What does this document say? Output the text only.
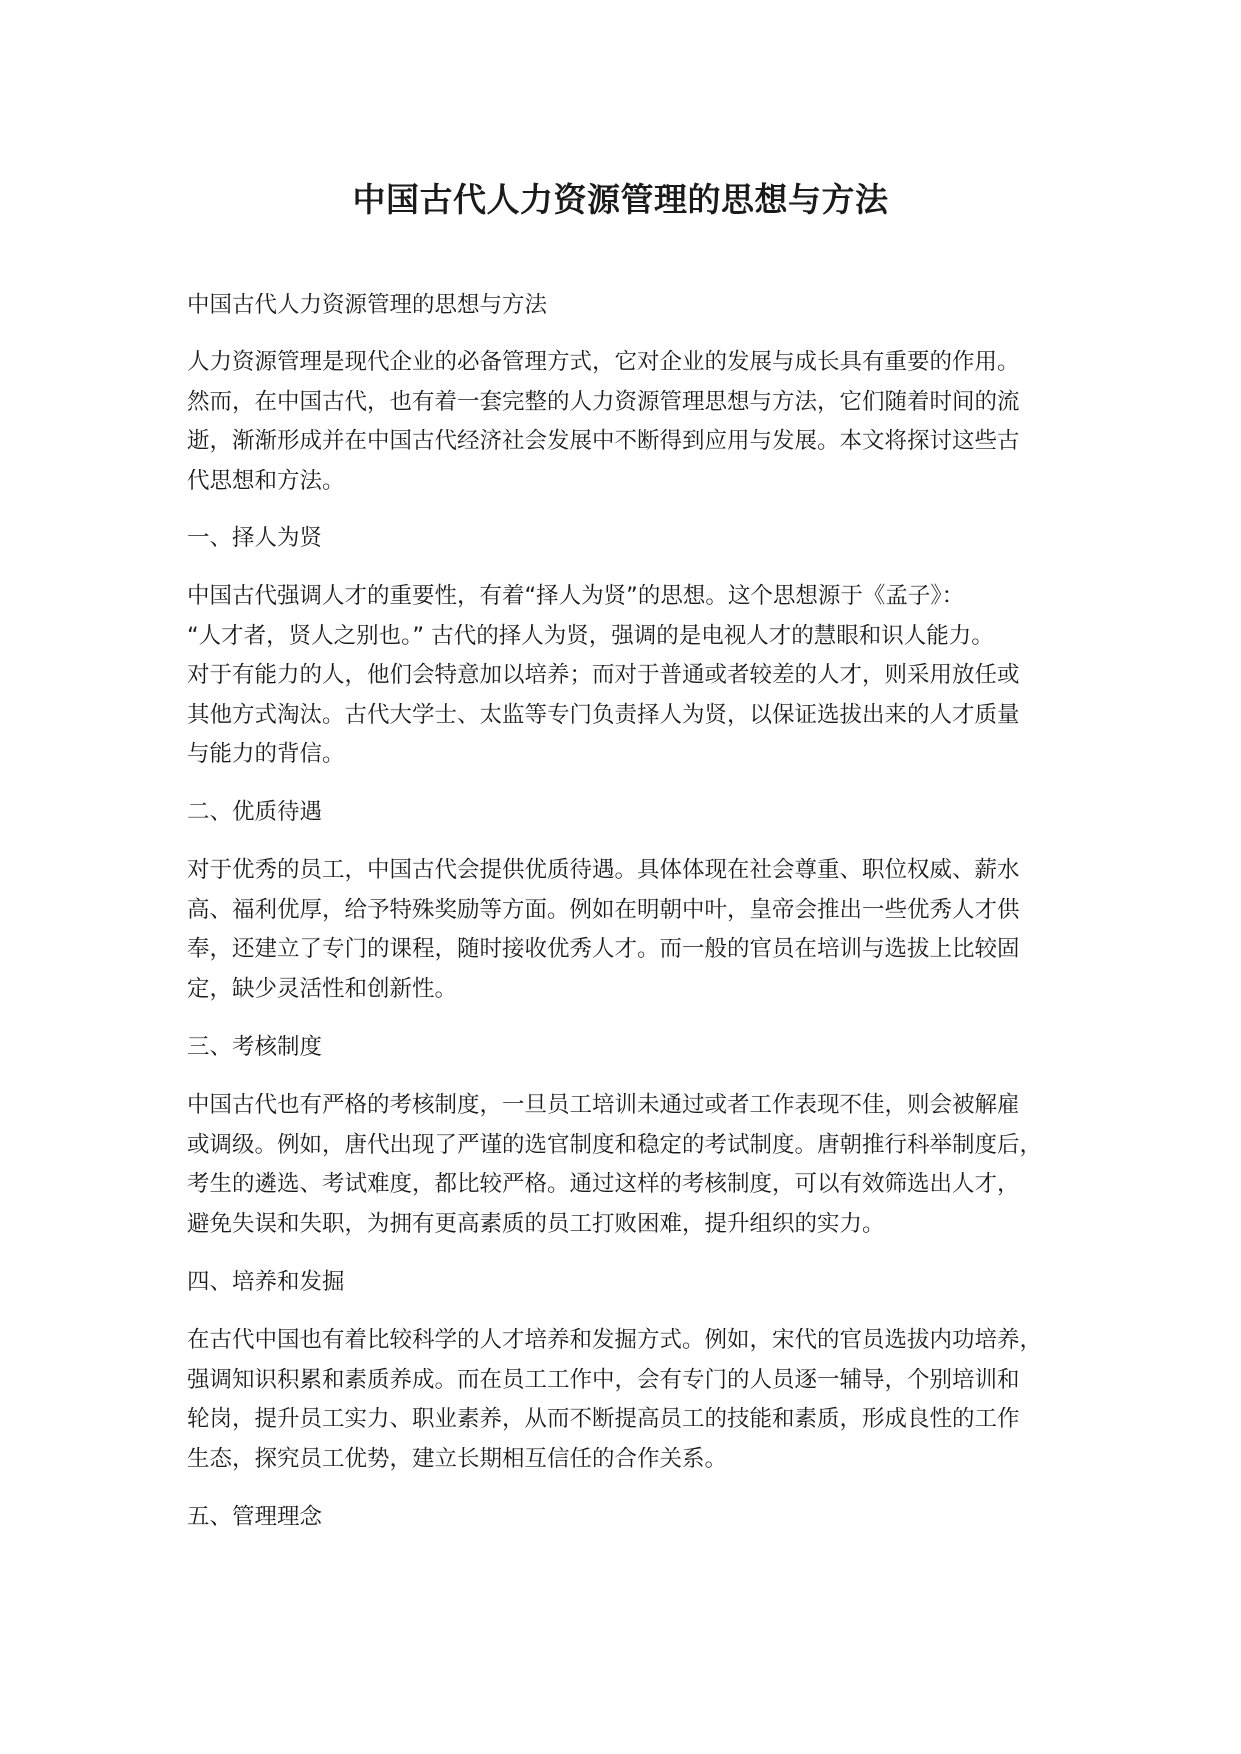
中国古代人力资源管理的思想与方法

中国古代人力资源管理的思想与方法

人力资源管理是现代企业的必备管理方式，它对企业的发展与成长具有重要的作用。
然而，在中国古代，也有着一套完整的人力资源管理思想与方法，它们随着时间的流
逝，渐渐形成并在中国古代经济社会发展中不断得到应用与发展。本文将探讨这些古
代思想和方法。

一、择人为贤

中国古代强调人才的重要性，有着“择人为贤”的思想。这个思想源于《孟子》：
“人才者，贤人之别也。” 古代的择人为贤，强调的是电视人才的慧眼和识人能力。
对于有能力的人，他们会特意加以培养；而对于普通或者较差的人才，则采用放任或
其他方式淘汰。古代大学士、太监等专门负责择人为贤，以保证选拔出来的人才质量
与能力的背信。

二、优质待遇

对于优秀的员工，中国古代会提供优质待遇。具体体现在社会尊重、职位权威、薪水
高、福利优厚，给予特殊奖励等方面。例如在明朝中叶，皇帝会推出一些优秀人才供
奉，还建立了专门的课程，随时接收优秀人才。而一般的官员在培训与选拔上比较固
定，缺少灵活性和创新性。

三、考核制度

中国古代也有严格的考核制度，一旦员工培训未通过或者工作表现不佳，则会被解雇
或调级。例如，唐代出现了严谨的选官制度和稳定的考试制度。唐朝推行科举制度后，
考生的遴选、考试难度，都比较严格。通过这样的考核制度，可以有效筛选出人才，
避免失误和失职，为拥有更高素质的员工打败困难，提升组织的实力。

四、培养和发掘

在古代中国也有着比较科学的人才培养和发掘方式。例如，宋代的官员选拔内功培养，
强调知识积累和素质养成。而在员工工作中，会有专门的人员逐一辅导，个别培训和
轮岗，提升员工实力、职业素养，从而不断提高员工的技能和素质，形成良性的工作
生态，探究员工优势，建立长期相互信任的合作关系。

五、管理理念
